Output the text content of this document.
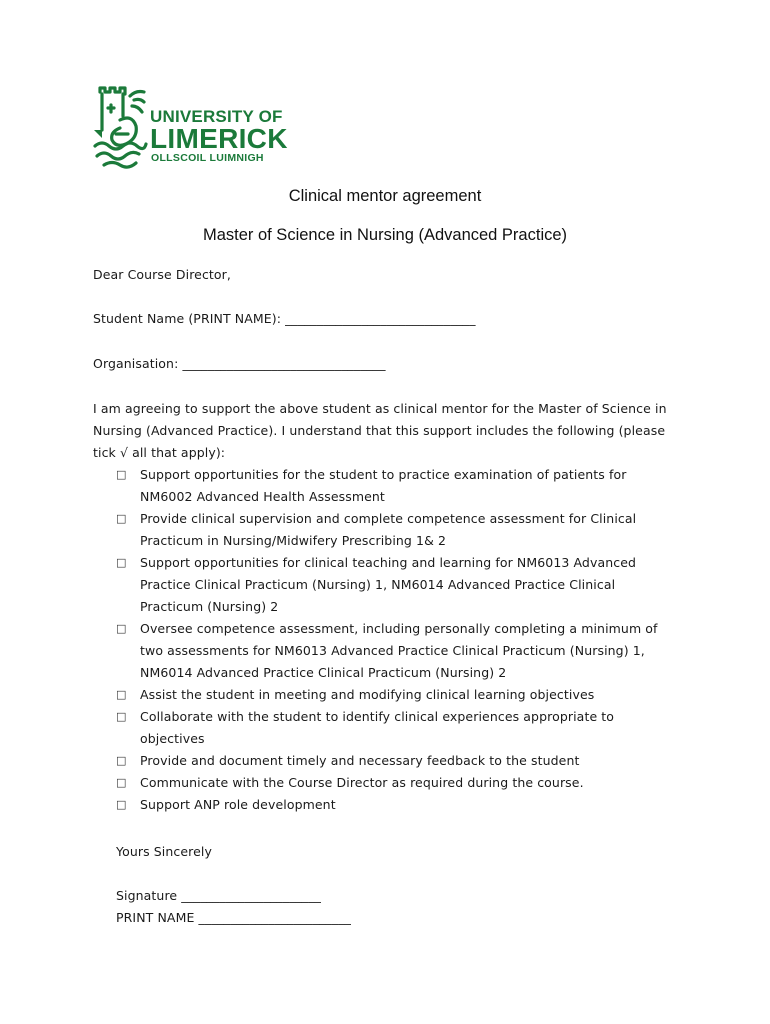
UNIVERSITY OF
LIMERICK
OLLSCOIL LUIMNIGH
Clinical mentor agreement
Master of Science in Nursing (Advanced Practice)
Dear Course Director,
Student Name (PRINT NAME): ______________________________
Organisation: ________________________________
I am agreeing to support the above student as clinical mentor for the Master of Science in Nursing (Advanced Practice). I understand that this support includes the following (please tick √ all that apply):
□	Support opportunities for the student to practice examination of patients for NM6002 Advanced Health Assessment
□	Provide clinical supervision and complete competence assessment for Clinical Practicum in Nursing/Midwifery Prescribing 1& 2
□	Support opportunities for clinical teaching and learning for NM6013 Advanced Practice Clinical Practicum (Nursing) 1, NM6014 Advanced Practice Clinical Practicum (Nursing) 2
□	Oversee competence assessment, including personally completing a minimum of two assessments for NM6013 Advanced Practice Clinical Practicum (Nursing) 1, NM6014 Advanced Practice Clinical Practicum (Nursing) 2
□	Assist the student in meeting and modifying clinical learning objectives
□	Collaborate with the student to identify clinical experiences appropriate to objectives
□	Provide and document timely and necessary feedback to the student
□	Communicate with the Course Director as required during the course.
□	Support ANP role development
Yours Sincerely
Signature ______________________
PRINT NAME ________________________
